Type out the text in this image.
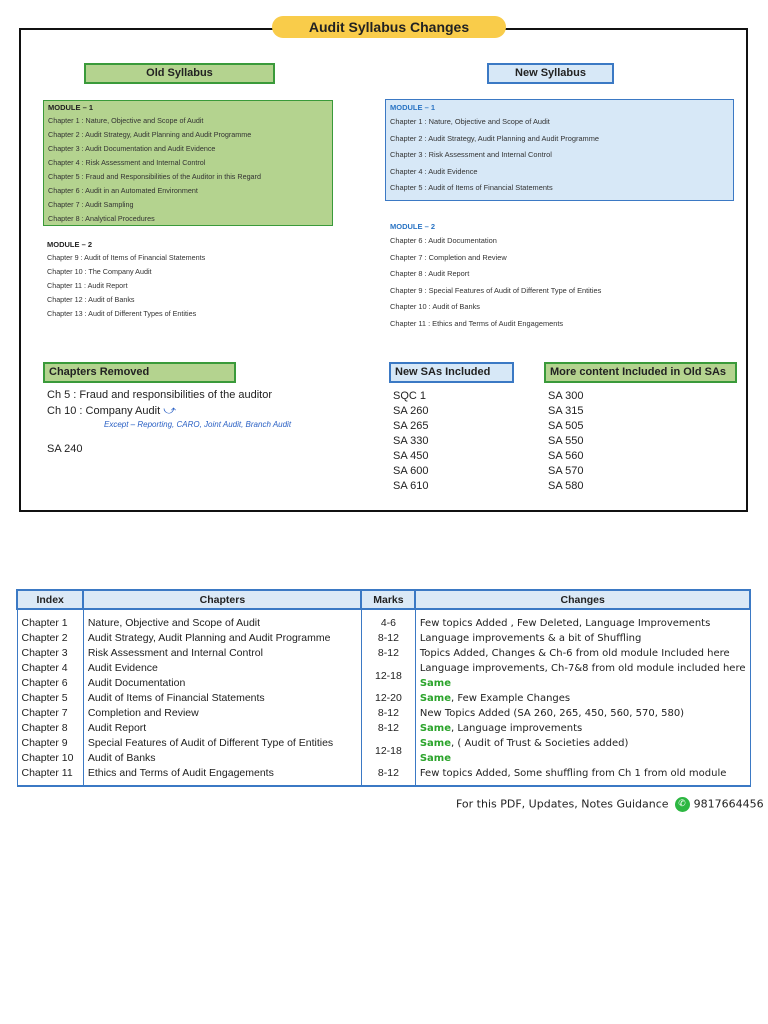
Audit Syllabus Changes
Old Syllabus	New Syllabus
MODULE – 1
Chapter 1 : Nature, Objective and Scope of Audit
Chapter 2 : Audit Strategy, Audit Planning and Audit Programme
Chapter 3 : Audit Documentation and Audit Evidence
Chapter 4 : Risk Assessment and Internal Control
Chapter 5 : Fraud and Responsibilities of the Auditor in this Regard
Chapter 6 : Audit in an Automated Environment
Chapter 7 : Audit Sampling
Chapter 8 : Analytical Procedures
MODULE – 2
Chapter 9 : Audit of Items of Financial Statements
Chapter 10 : The Company Audit
Chapter 11 : Audit Report
Chapter 12 : Audit of Banks
Chapter 13 : Audit of Different Types of Entities
MODULE – 1
Chapter 1 : Nature, Objective and Scope of Audit
Chapter 2 : Audit Strategy, Audit Planning and Audit Programme
Chapter 3 : Risk Assessment and Internal Control
Chapter 4 : Audit Evidence
Chapter 5 : Audit of Items of Financial Statements
MODULE – 2
Chapter 6 : Audit Documentation
Chapter 7 : Completion and Review
Chapter 8 : Audit Report
Chapter 9 : Special Features of Audit of Different Type of Entities
Chapter 10 : Audit of Banks
Chapter 11 : Ethics and Terms of Audit Engagements
Chapters Removed
Ch 5 : Fraud and responsibilities of the auditor
Ch 10 : Company Audit ⤻
Except – Reporting, CARO, Joint Audit, Branch Audit
SA 240
New SAs Included
SQC 1
SA 260
SA 265
SA 330
SA 450
SA 600
SA 610
More content Included in Old SAs
SA 300
SA 315
SA 505
SA 550
SA 560
SA 570
SA 580
Index	Chapters	Marks	Changes
Chapter 1	Nature, Objective and Scope of Audit	4-6	Few topics Added , Few Deleted, Language Improvements
Chapter 2	Audit Strategy, Audit Planning and Audit Programme	8-12	Language improvements & a bit of Shuffling
Chapter 3	Risk Assessment and Internal Control	8-12	Topics Added, Changes & Ch-6 from old module Included here
Chapter 4	Audit Evidence	12-18	Language improvements, Ch-7&8 from old module included here
Chapter 6	Audit Documentation		Same
Chapter 5	Audit of Items of Financial Statements	12-20	Same, Few Example Changes
Chapter 7	Completion and Review	8-12	New Topics Added (SA 260, 265, 450, 560, 570, 580)
Chapter 8	Audit Report	8-12	Same, Language improvements
Chapter 9	Special Features of Audit of Different Type of Entities	12-18	Same, ( Audit of Trust & Societies added)
Chapter 10	Audit of Banks		Same
Chapter 11	Ethics and Terms of Audit Engagements	8-12	Few topics Added, Some shuffling from Ch 1 from old module
For this PDF, Updates, Notes Guidance ✆ 9817664456
